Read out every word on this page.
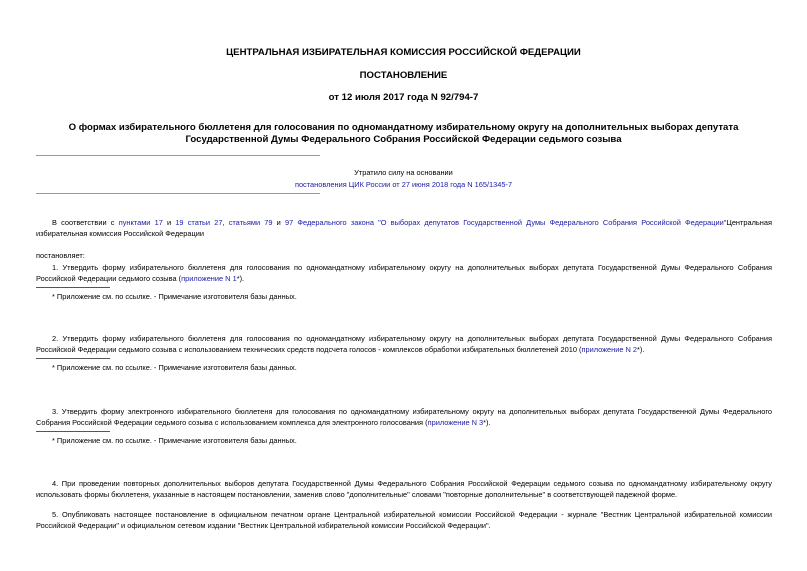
ЦЕНТРАЛЬНАЯ ИЗБИРАТЕЛЬНАЯ КОМИССИЯ РОССИЙСКОЙ ФЕДЕРАЦИИ
ПОСТАНОВЛЕНИЕ
от 12 июля 2017 года N 92/794-7
О формах избирательного бюллетеня для голосования по одномандатному избирательному округу на дополнительных выборах депутата Государственной Думы Федерального Собрания Российской Федерации седьмого созыва
Утратило силу на основании
постановления ЦИК России от 27 июня 2018 года N 165/1345-7
В соответствии с пунктами 17 и 19 статьи 27, статьями 79 и 97 Федерального закона "О выборах депутатов Государственной Думы Федерального Собрания Российской Федерации"Центральная избирательная комиссия Российской Федерации
постановляет:
1. Утвердить форму избирательного бюллетеня для голосования по одномандатному избирательному округу на дополнительных выборах депутата Государственной Думы Федерального Собрания Российской Федерации седьмого созыва (приложение N 1*).
* Приложение см. по ссылке. - Примечание изготовителя базы данных.
2. Утвердить форму избирательного бюллетеня для голосования по одномандатному избирательному округу на дополнительных выборах депутата Государственной Думы Федерального Собрания Российской Федерации седьмого созыва с использованием технических средств подсчета голосов - комплексов обработки избирательных бюллетеней 2010 (приложение N 2*).
* Приложение см. по ссылке. - Примечание изготовителя базы данных.
3. Утвердить форму электронного избирательного бюллетеня для голосования по одномандатному избирательному округу на дополнительных выборах депутата Государственной Думы Федерального Собрания Российской Федерации седьмого созыва с использованием комплекса для электронного голосования (приложение N 3*).
* Приложение см. по ссылке. - Примечание изготовителя базы данных.
4. При проведении повторных дополнительных выборов депутата Государственной Думы Федерального Собрания Российской Федерации седьмого созыва по одномандатному избирательному округу использовать формы бюллетеня, указанные в настоящем постановлении, заменив слово "дополнительные" словами "повторные дополнительные" в соответствующей падежной форме.
5. Опубликовать настоящее постановление в официальном печатном органе Центральной избирательной комиссии Российской Федерации - журнале "Вестник Центральной избирательной комиссии Российской Федерации" и официальном сетевом издании "Вестник Центральной избирательной комиссии Российской Федерации".
